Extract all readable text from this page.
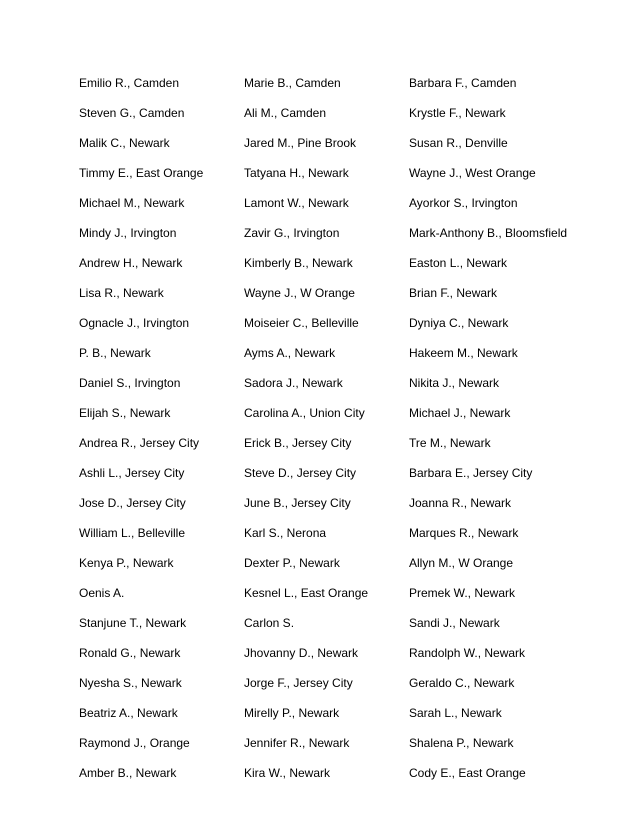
Emilio R., Camden	Marie B., Camden	Barbara F., Camden
Steven G., Camden	Ali M., Camden	Krystle F., Newark
Malik C., Newark	Jared M., Pine Brook	Susan R., Denville
Timmy E., East Orange	Tatyana H., Newark	Wayne J., West Orange
Michael M., Newark	Lamont W., Newark	Ayorkor S., Irvington
Mindy J., Irvington	Zavir G., Irvington	Mark-Anthony B., Bloomsfield
Andrew H., Newark	Kimberly B., Newark	Easton L., Newark
Lisa R., Newark	Wayne J., W Orange	Brian F., Newark
Ognacle J., Irvington	Moiseier C., Belleville	Dyniya C., Newark
P. B., Newark	Ayms A., Newark	Hakeem M., Newark
Daniel S., Irvington	Sadora J., Newark	Nikita J., Newark
Elijah S., Newark	Carolina A., Union City	Michael J., Newark
Andrea R., Jersey City	Erick B., Jersey City	Tre M., Newark
Ashli L., Jersey City	Steve D., Jersey City	Barbara E., Jersey City
Jose D., Jersey City	June B., Jersey City	Joanna R., Newark
William L., Belleville	Karl S., Nerona	Marques R., Newark
Kenya P., Newark	Dexter P., Newark	Allyn M., W Orange
Oenis A.	Kesnel L., East Orange	Premek W., Newark
Stanjune T., Newark	Carlon S.	Sandi J., Newark
Ronald G., Newark	Jhovanny D., Newark	Randolph W., Newark
Nyesha S., Newark	Jorge F., Jersey City	Geraldo C., Newark
Beatriz A., Newark	Mirelly P., Newark	Sarah L., Newark
Raymond J., Orange	Jennifer R., Newark	Shalena P., Newark
Amber B., Newark	Kira W., Newark	Cody E., East Orange
